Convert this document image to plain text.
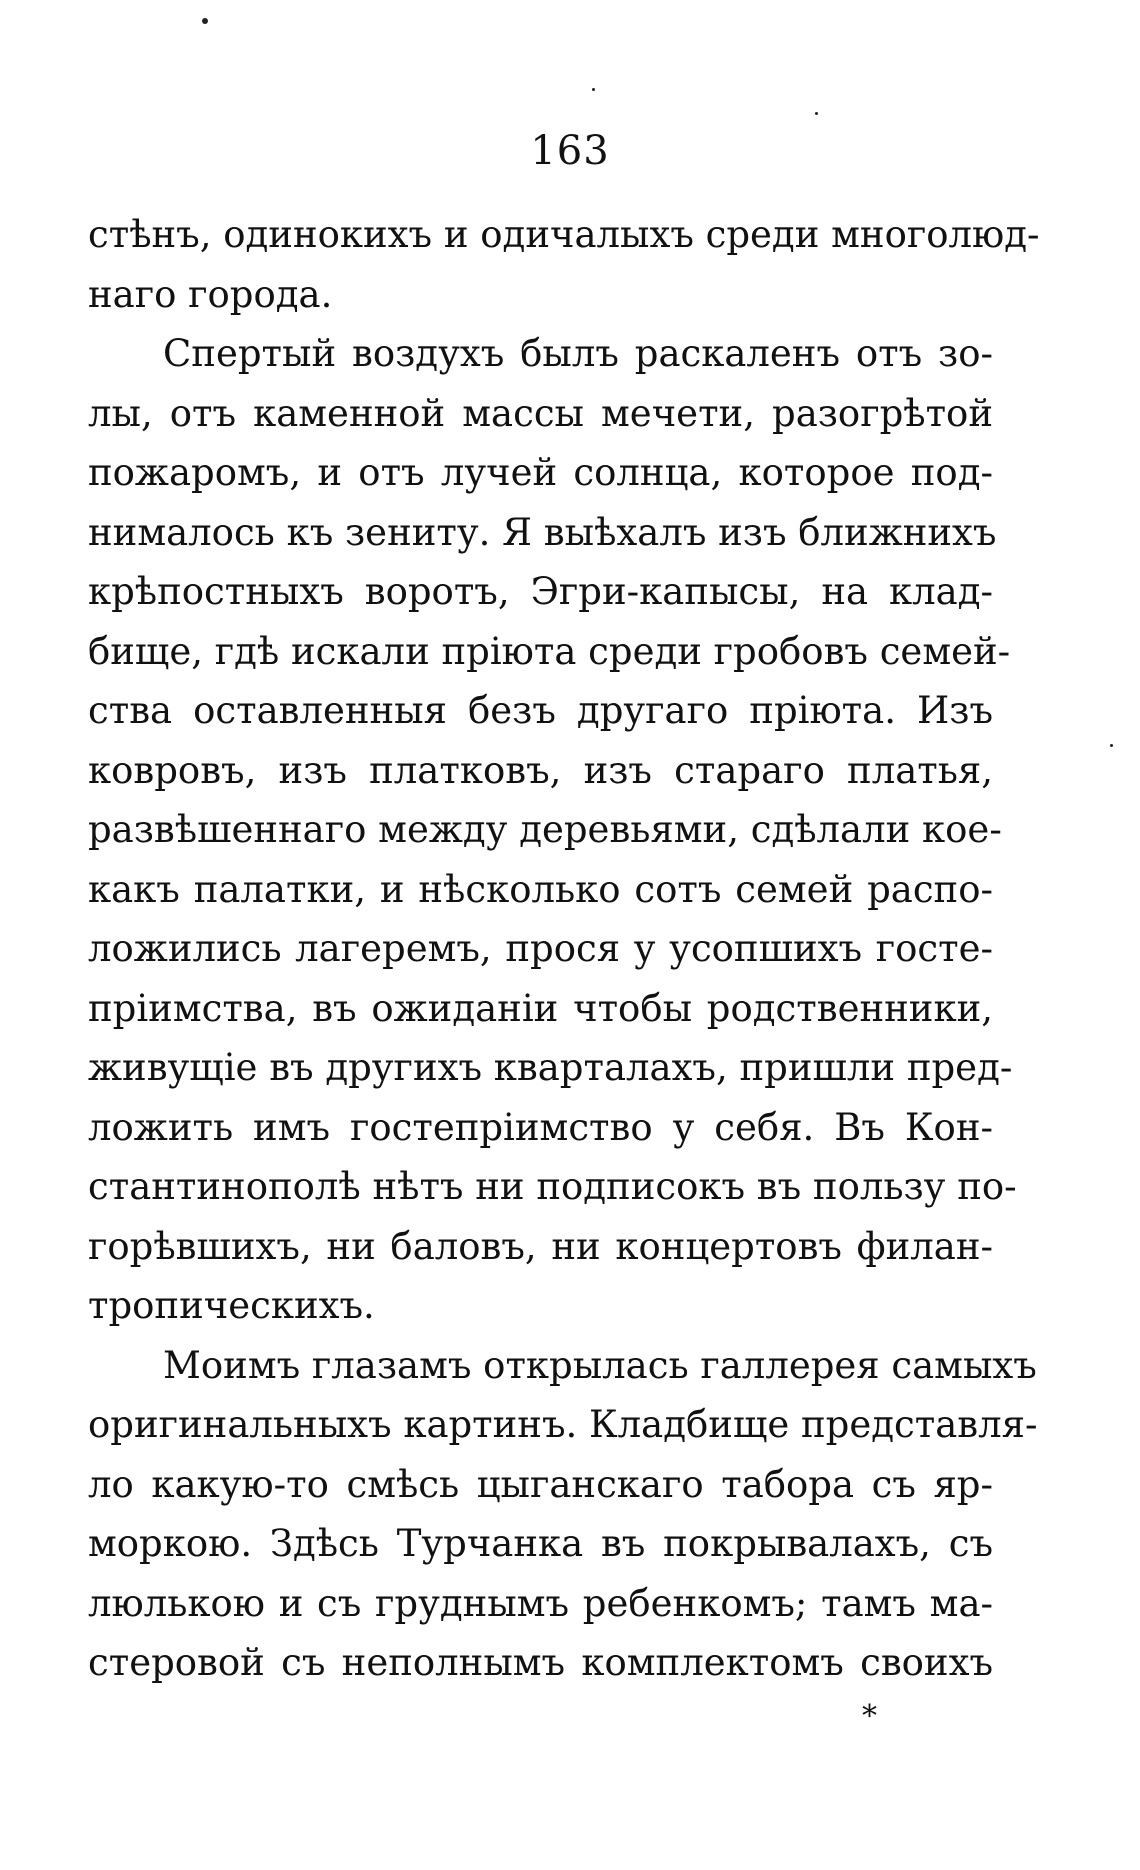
163
стѣнъ, одинокихъ и одичалыхъ среди многолюд-
наго города.
Спертый воздухъ былъ раскаленъ отъ зо-
лы, отъ каменной массы мечети, разогрѣтой
пожаромъ, и отъ лучей солнца, которое под-
нималось къ зениту. Я выѣхалъ изъ ближнихъ
крѣпостныхъ воротъ, Эгри-капысы, на клад-
бище, гдѣ искали пріюта среди гробовъ семей-
ства оставленныя безъ другаго пріюта. Изъ
ковровъ, изъ платковъ, изъ стараго платья,
развѣшеннаго между деревьями, сдѣлали кое-
какъ палатки, и нѣсколько сотъ семей распо-
ложились лагеремъ, прося у усопшихъ госте-
пріимства, въ ожиданіи чтобы родственники,
живущіе въ другихъ кварталахъ, пришли пред-
ложить имъ гостепріимство у себя. Въ Кон-
стантинополѣ нѣтъ ни подписокъ въ пользу по-
горѣвшихъ, ни баловъ, ни концертовъ филан-
тропическихъ.
Моимъ глазамъ открылась галлерея самыхъ
оригинальныхъ картинъ. Кладбище представля-
ло какую-то смѣсь цыганскаго табора съ яр-
моркою. Здѣсь Турчанка въ покрывалахъ, съ
люлькою и съ груднымъ ребенкомъ; тамъ ма-
стеровой съ неполнымъ комплектомъ своихъ
*
